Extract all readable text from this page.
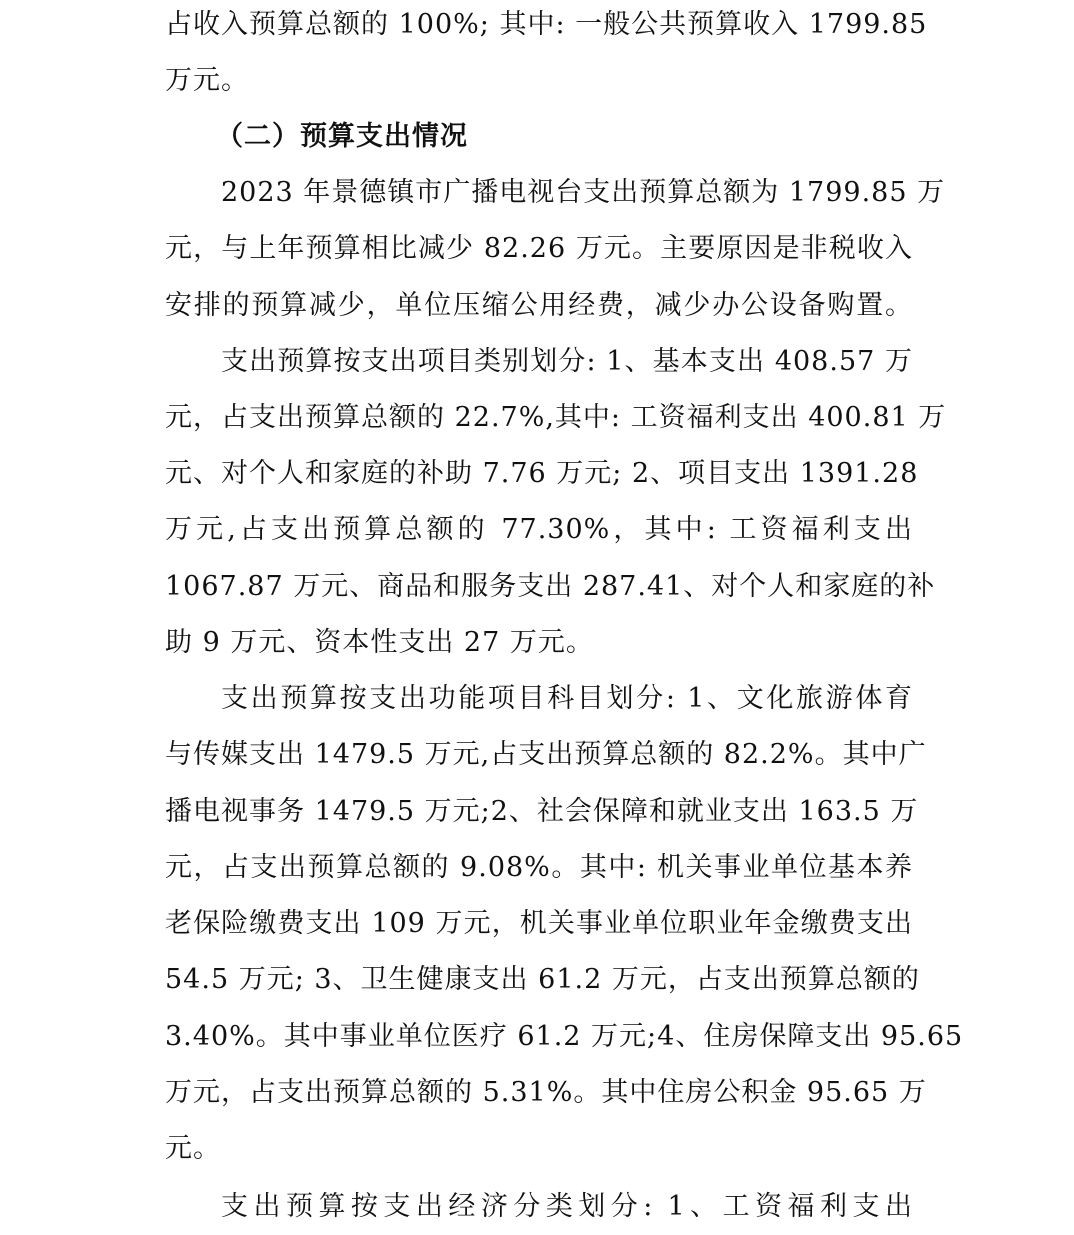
占收入预算总额的 100%; 其中: 一般公共预算收入 1799.85
万元。
（二）预算支出情况
2023 年景德镇市广播电视台支出预算总额为 1799.85 万
元，与上年预算相比减少 82.26 万元。主要原因是非税收入
安排的预算减少，单位压缩公用经费，减少办公设备购置。
支出预算按支出项目类别划分: 1、基本支出 408.57 万
元，占支出预算总额的 22.7%,其中: 工资福利支出 400.81 万
元、对个人和家庭的补助 7.76 万元; 2、项目支出 1391.28
万元,占支出预算总额的 77.30%，其中: 工资福利支出
1067.87 万元、商品和服务支出 287.41、对个人和家庭的补
助 9 万元、资本性支出 27 万元。
支出预算按支出功能项目科目划分: 1、文化旅游体育
与传媒支出 1479.5 万元,占支出预算总额的 82.2%。其中广
播电视事务 1479.5 万元;2、社会保障和就业支出 163.5 万
元，占支出预算总额的 9.08%。其中: 机关事业单位基本养
老保险缴费支出 109 万元，机关事业单位职业年金缴费支出
54.5 万元; 3、卫生健康支出 61.2 万元，占支出预算总额的
3.40%。其中事业单位医疗 61.2 万元;4、住房保障支出 95.65
万元，占支出预算总额的 5.31%。其中住房公积金 95.65 万
元。
支出预算按支出经济分类划分: 1、工资福利支出
